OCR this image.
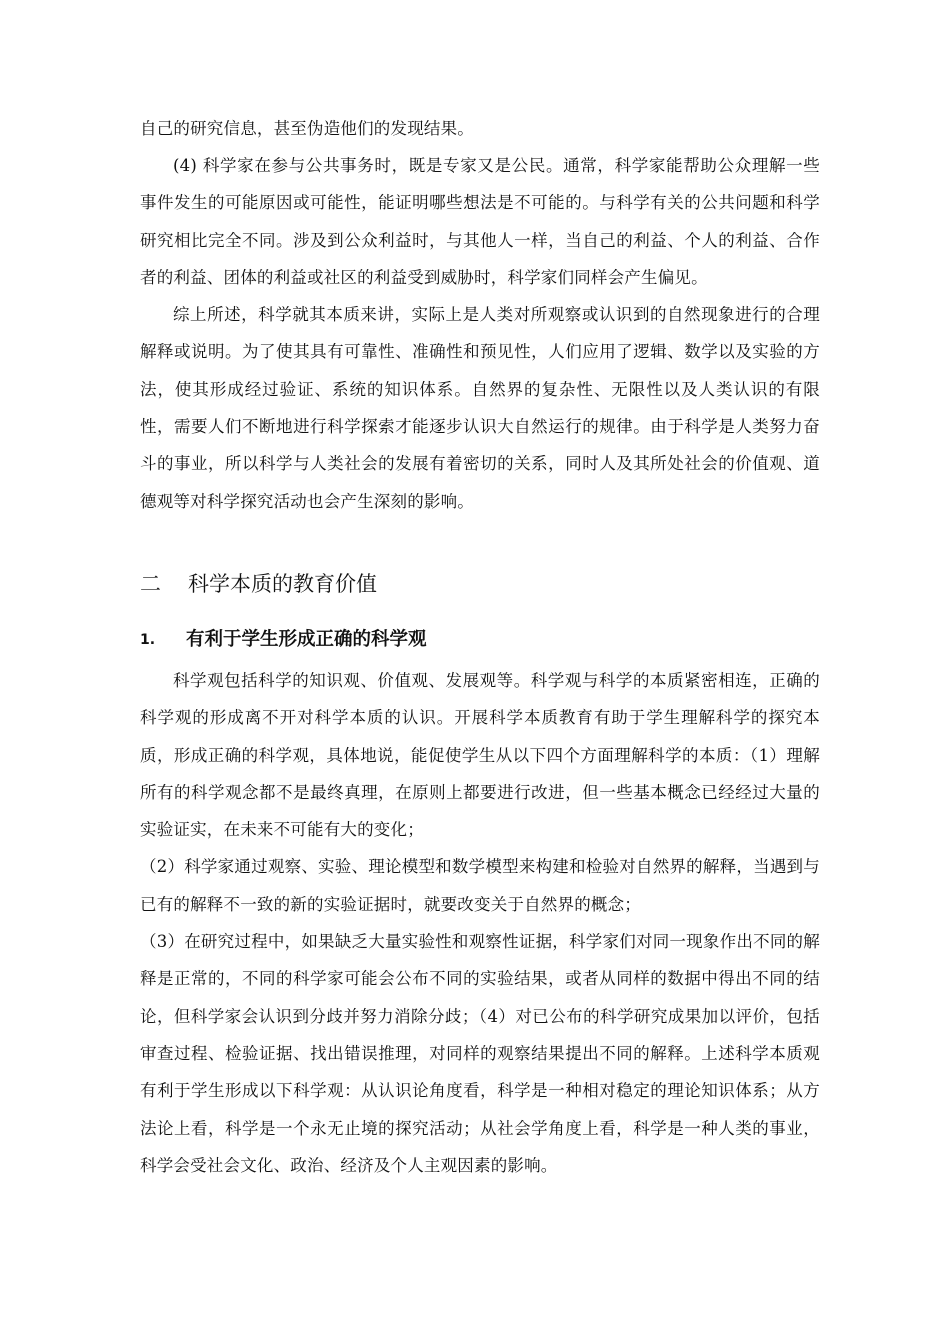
自己的研究信息，甚至伪造他们的发现结果。

(4) 科学家在参与公共事务时，既是专家又是公民。通常，科学家能帮助公众理解一些事件发生的可能原因或可能性，能证明哪些想法是不可能的。与科学有关的公共问题和科学研究相比完全不同。涉及到公众利益时，与其他人一样，当自己的利益、个人的利益、合作者的利益、团体的利益或社区的利益受到威胁时，科学家们同样会产生偏见。

综上所述，科学就其本质来讲，实际上是人类对所观察或认识到的自然现象进行的合理解释或说明。为了使其具有可靠性、准确性和预见性，人们应用了逻辑、数学以及实验的方法，使其形成经过验证、系统的知识体系。自然界的复杂性、无限性以及人类认识的有限性，需要人们不断地进行科学探索才能逐步认识大自然运行的规律。由于科学是人类努力奋斗的事业，所以科学与人类社会的发展有着密切的关系，同时人及其所处社会的价值观、道德观等对科学探究活动也会产生深刻的影响。

二 科学本质的教育价值
1. 有利于学生形成正确的科学观

科学观包括科学的知识观、价值观、发展观等。科学观与科学的本质紧密相连，正确的科学观的形成离不开对科学本质的认识。开展科学本质教育有助于学生理解科学的探究本质，形成正确的科学观，具体地说，能促使学生从以下四个方面理解科学的本质：（1）理解所有的科学观念都不是最终真理，在原则上都要进行改进，但一些基本概念已经经过大量的实验证实，在未来不可能有大的变化；

（2）科学家通过观察、实验、理论模型和数学模型来构建和检验对自然界的解释，当遇到与已有的解释不一致的新的实验证据时，就要改变关于自然界的概念；

（3）在研究过程中，如果缺乏大量实验性和观察性证据，科学家们对同一现象作出不同的解释是正常的，不同的科学家可能会公布不同的实验结果，或者从同样的数据中得出不同的结论，但科学家会认识到分歧并努力消除分歧；（4）对已公布的科学研究成果加以评价，包括审查过程、检验证据、找出错误推理，对同样的观察结果提出不同的解释。上述科学本质观有利于学生形成以下科学观：从认识论角度看，科学是一种相对稳定的理论知识体系；从方法论上看，科学是一个永无止境的探究活动；从社会学角度上看，科学是一种人类的事业，科学会受社会文化、政治、经济及个人主观因素的影响。
